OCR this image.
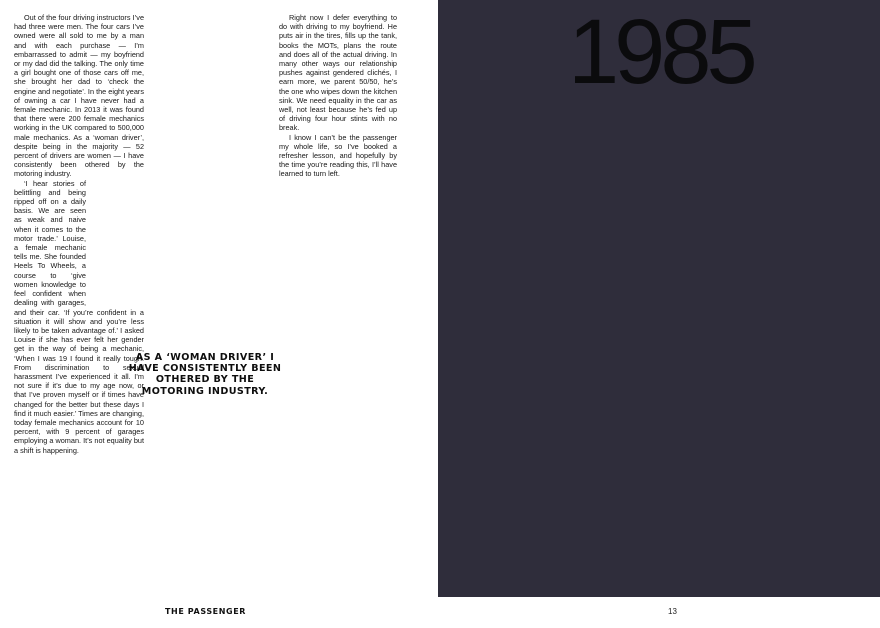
Out of the four driving instructors I’ve had three were men. The four cars I’ve owned were all sold to me by a man and with each purchase — I’m embarrassed to admit — my boyfriend or my dad did the talking. The only time a girl bought one of those cars off me, she brought her dad to ‘check the engine and negotiate’. In the eight years of owning a car I have never had a female mechanic. In 2013 it was found that there were 200 female mechanics working in the UK compared to 500,000 male mechanics. As a ‘woman driver’, despite being in the majority — 52 percent of drivers are women — I have consistently been othered by the motoring industry.

‘I hear stories of belittling and being ripped off on a daily basis. We are seen as weak and naive when it comes to the motor trade.’ Louise, a female mechanic tells me. She founded Heels To Wheels, a course to ‘give women knowledge to feel confident when dealing with garages, and their car. ‘If you’re confident in a situation it will show and you’re less likely to be taken advantage of.’ I asked Louise if she has ever felt her gender get in the way of being a mechanic, ‘When I was 19 I found it really tough. From discrimination to sexual harassment I’ve experienced it all. I’m not sure if it’s due to my age now, or that I’ve proven myself or if times have changed for the better but these days I find it much easier.’ Times are changing, today female mechanics account for 10 percent, with 9 percent of garages employing a woman. It’s not equality but a shift is happening.

Right now I defer everything to do with driving to my boyfriend. He puts air in the tires, fills up the tank, books the MOTs, plans the route and does all of the actual driving. In many other ways our relationship pushes against gendered clichés, I earn more, we parent 50/50, he’s the one who wipes down the kitchen sink. We need equality in the car as well, not least because he’s fed up of driving four hour stints with no break.

I know I can’t be the passenger my whole life, so I’ve booked a refresher lesson, and hopefully by the time you’re reading this, I’ll have learned to turn left.

AS A ‘WOMAN DRIVER’ I HAVE CONSISTENTLY BEEN OTHERED BY THE MOTORING INDUSTRY.
1985
THE PASSENGER	13
